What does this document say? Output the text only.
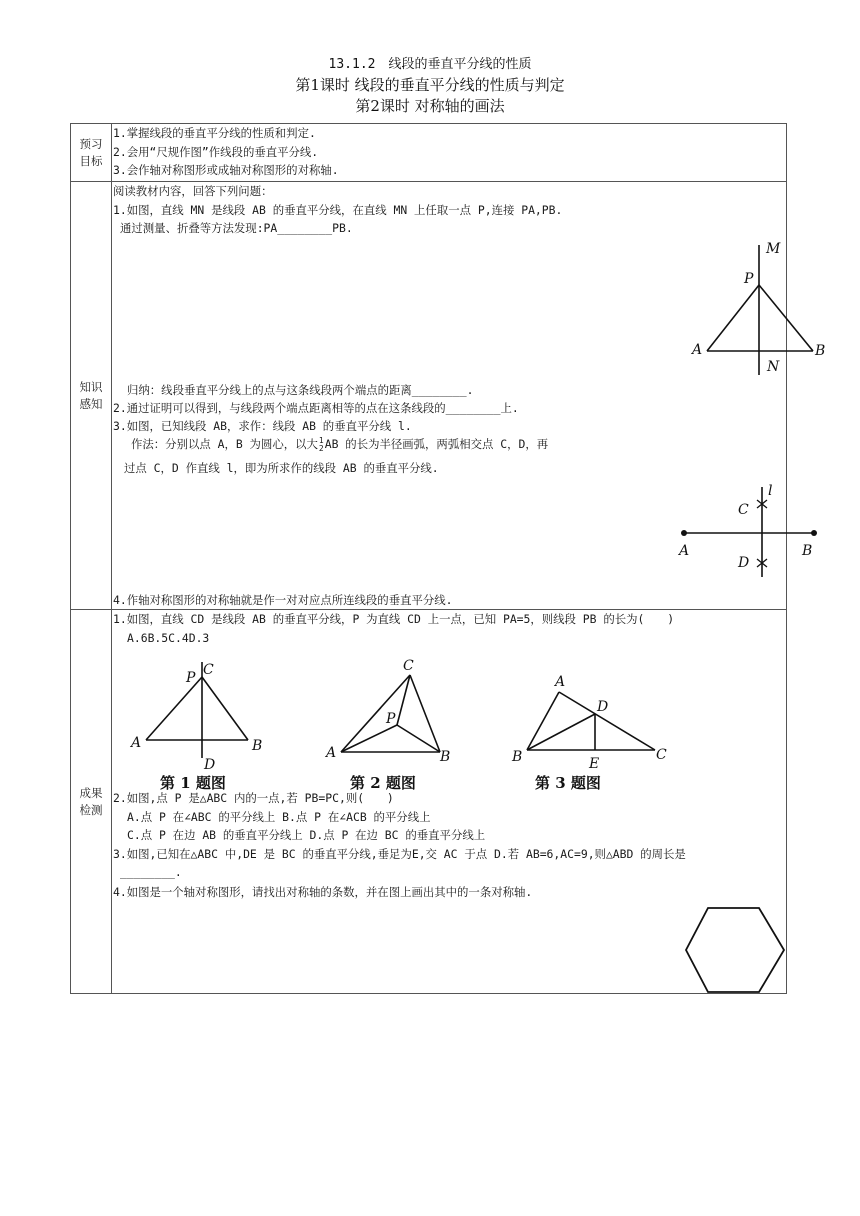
13.1.2　线段的垂直平分线的性质
第1课时 线段的垂直平分线的性质与判定
第2课时 对称轴的画法
预习目标
1.掌握线段的垂直平分线的性质和判定.
2.会用“尺规作图”作线段的垂直平分线.
3.会作轴对称图形或成轴对称图形的对称轴.
知识感知
阅读教材内容，回答下列问题：
1.如图，直线 MN 是线段 AB 的垂直平分线，在直线 MN 上任取一点 P,连接 PA,PB.
通过测量、折叠等方法发现:PA________PB.
M
P
A	B
N
归纳：线段垂直平分线上的点与这条线段两个端点的距离________.
2.通过证明可以得到，与线段两个端点距离相等的点在这条线段的________上.
3.如图，已知线段 AB，求作：线段 AB 的垂直平分线 l.
作法：分别以点 A，B 为圆心，以大 1
2 AB 的长为半径画弧，两弧相交点 C，D，再
过点 C，D 作直线 l，即为所求作的线段 AB 的垂直平分线.
l
C
A	B
D
4.作轴对称图形的对称轴就是作一对对应点所连线段的垂直平分线.
成果检测
1.如图，直线 CD 是线段 AB 的垂直平分线，P 为直线 CD 上一点，已知 PA=5，则线段 PB 的长为(　　)
A.6B.5C.4D.3
C
P
A	B
D
第 1 题图
C
P
A	B
第 2 题图
A
D
B	E
C
第 3 题图
2.如图,点 P 是△ABC 内的一点,若 PB=PC,则(　　)
A.点 P 在∠ABC 的平分线上 B.点 P 在∠ACB 的平分线上
C.点 P 在边 AB 的垂直平分线上 D.点 P 在边 BC 的垂直平分线上
3.如图,已知在△ABC 中,DE 是 BC 的垂直平分线,垂足为E,交 AC 于点 D.若 AB=6,AC=9,则△ABD 的周长是
________.
4.如图是一个轴对称图形，请找出对称轴的条数，并在图上画出其中的一条对称轴.
